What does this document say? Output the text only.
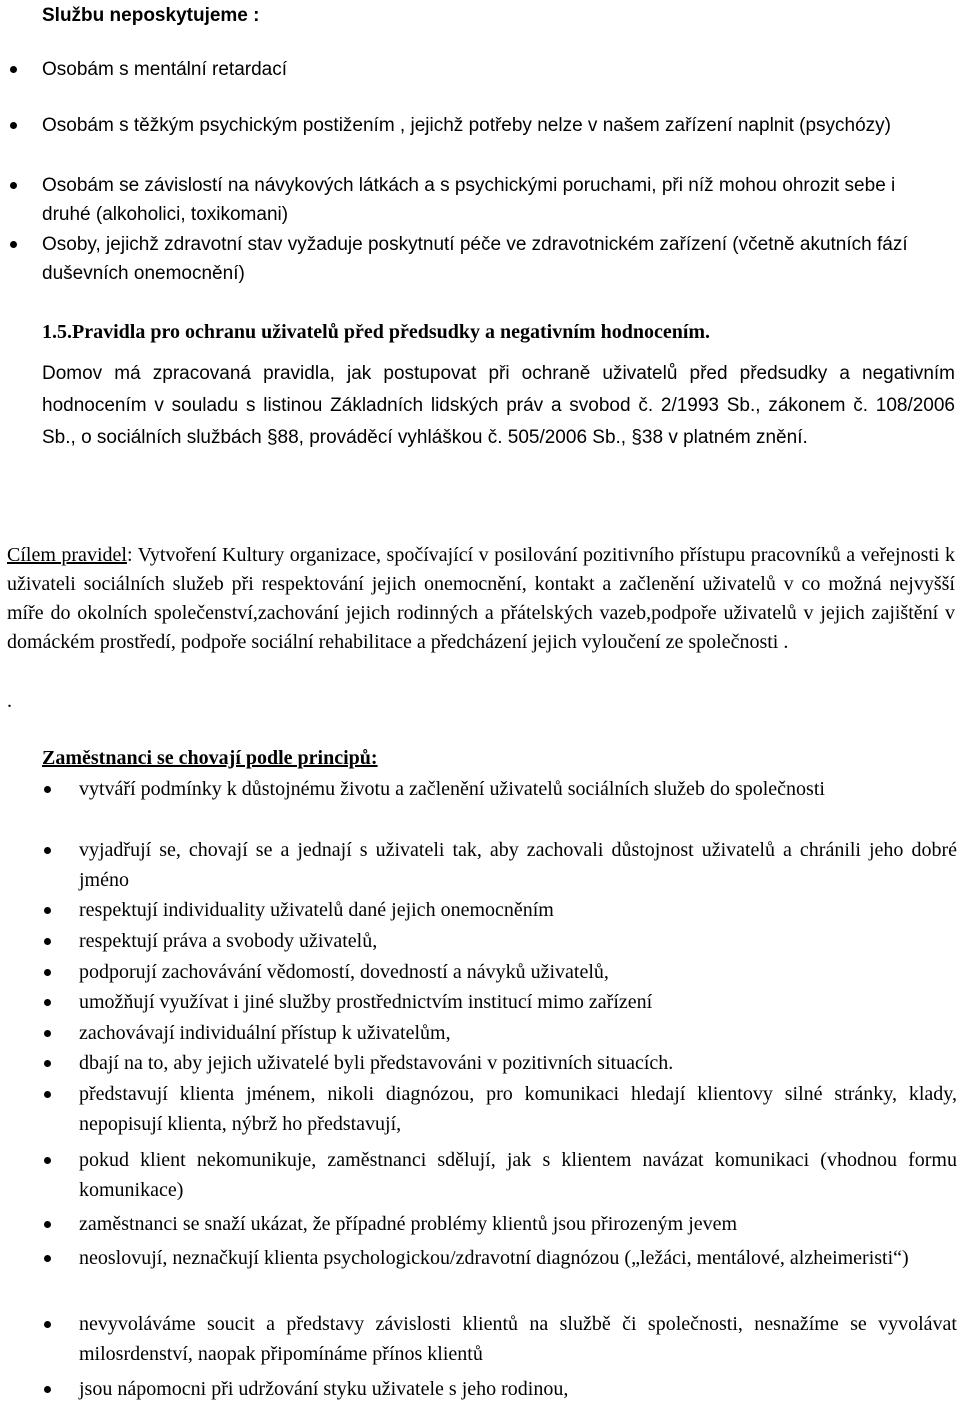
Službu neposkytujeme :
Osobám s mentální retardací
Osobám s těžkým psychickým postižením , jejichž potřeby nelze v našem zařízení naplnit (psychózy)
Osobám se závislostí na návykových látkách a s psychickými poruchami, při níž mohou ohrozit sebe i druhé (alkoholici, toxikomani)
Osoby, jejichž zdravotní stav vyžaduje poskytnutí péče ve zdravotnickém zařízení (včetně akutních fází duševních onemocnění)
1.5.Pravidla pro ochranu uživatelů před předsudky a negativním hodnocením.

Domov má zpracovaná pravidla, jak postupovat při ochraně uživatelů před předsudky a negativním hodnocením v souladu s listinou Základních lidských práv a svobod č. 2/1993 Sb., zákonem č. 108/2006 Sb., o sociálních službách §88, prováděcí vyhláškou č. 505/2006 Sb., §38 v platném znění.

Cílem pravidel: Vytvoření Kultury organizace, spočívající v posilování pozitivního přístupu pracovníků a veřejnosti k uživateli sociálních služeb při respektování jejich onemocnění, kontakt a začlenění uživatelů v co možná nejvyšší míře do okolních společenství,zachování jejich rodinných a přátelských vazeb,podpoře uživatelů v jejich zajištění v domáckém prostředí, podpoře sociální rehabilitace a předcházení jejich vyloučení ze společnosti .

.

Zaměstnanci se chovají podle principů:
vytváří podmínky k důstojnému životu a začlenění uživatelů sociálních služeb do společnosti
vyjadřují se, chovají se a jednají s uživateli tak, aby zachovali důstojnost uživatelů a chránili jeho dobré jméno
respektují individuality uživatelů dané jejich onemocněním
respektují práva a svobody uživatelů,
podporují zachovávání vědomostí, dovedností a návyků uživatelů,
umožňují využívat i jiné služby prostřednictvím institucí mimo zařízení
zachovávají individuální přístup k uživatelům,
dbají na to, aby jejich uživatelé byli představováni v pozitivních situacích.
představují klienta jménem, nikoli diagnózou, pro komunikaci hledají klientovy silné stránky, klady, nepopisují klienta, nýbrž ho představují,
pokud klient nekomunikuje, zaměstnanci sdělují, jak s klientem navázat komunikaci (vhodnou formu komunikace)
zaměstnanci se snaží ukázat, že případné problémy klientů jsou přirozeným jevem
neoslovují, neznačkují klienta psychologickou/zdravotní diagnózou („ležáci, mentálové, alzheimeristi“)
nevyvoláváme soucit a představy závislosti klientů na službě či společnosti, nesnažíme se vyvolávat milosrdenství, naopak připomínáme přínos klientů
jsou nápomocni při udržování styku uživatele s jeho rodinou,
